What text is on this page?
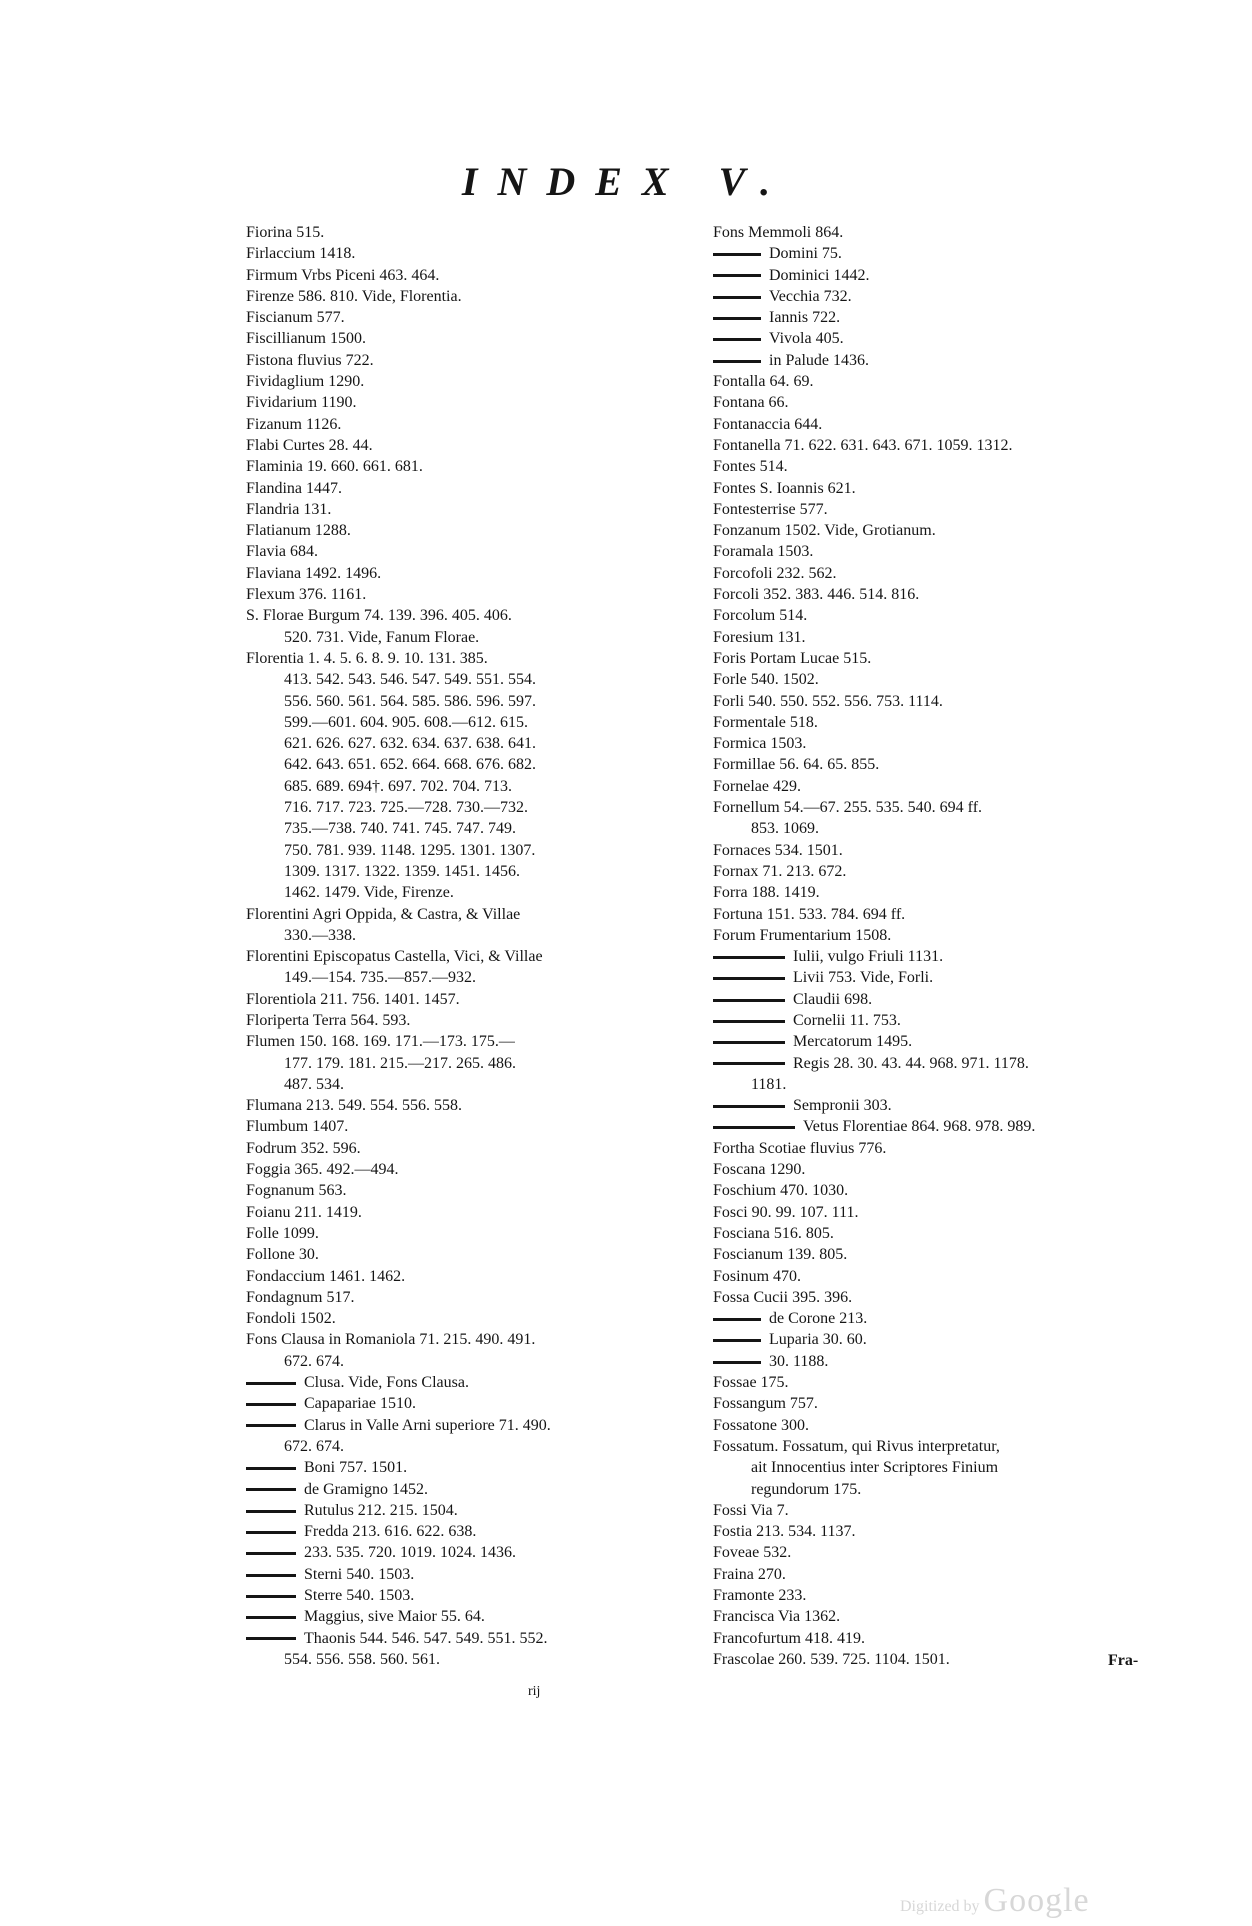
INDEX V.
Fiorina 515.
Firlaccium 1418.
Firmum Vrbs Piceni 463. 464.
Firenze 586. 810. Vide, Florentia.
Fiscianum 577.
Fiscillianum 1500.
Fistona fluvius 722.
Fividaglium 1290.
Fividarium 1190.
Fizanum 1126.
Flabi Curtes 28. 44.
Flaminia 19. 660. 661. 681.
Flandina 1447.
Flandria 131.
Flatianum 1288.
Flavia 684.
Flaviana 1492. 1496.
Flexum 376. 1161.
S. Florae Burgum 74. 139. 396. 405. 406.
520. 731. Vide, Fanum Florae.
Florentia 1. 4. 5. 6. 8. 9. 10. 131. 385.
413. 542. 543. 546. 547. 549. 551. 554.
556. 560. 561. 564. 585. 586. 596. 597.
599.—601. 604. 905. 608.—612. 615.
621. 626. 627. 632. 634. 637. 638. 641.
642. 643. 651. 652. 664. 668. 676. 682.
685. 689. 694†. 697. 702. 704. 713.
716. 717. 723. 725.—728. 730.—732.
735.—738. 740. 741. 745. 747. 749.
750. 781. 939. 1148. 1295. 1301. 1307.
1309. 1317. 1322. 1359. 1451. 1456.
1462. 1479. Vide, Firenze.
Florentini Agri Oppida, & Castra, & Villae
330.—338.
Florentini Episcopatus Castella, Vici, & Villae
149.—154. 735.—857.—932.
Florentiola 211. 756. 1401. 1457.
Floriperta Terra 564. 593.
Flumen 150. 168. 169. 171.—173. 175.—
177. 179. 181. 215.—217. 265. 486.
487. 534.
Flumana 213. 549. 554. 556. 558.
Flumbum 1407.
Fodrum 352. 596.
Foggia 365. 492.—494.
Fognanum 563.
Foianu 211. 1419.
Folle 1099.
Follone 30.
Fondaccium 1461. 1462.
Fondagnum 517.
Fondoli 1502.
Fons Clausa in Romaniola 71. 215. 490. 491.
672. 674.
Clusa. Vide, Fons Clausa.
Capapariae 1510.
Clarus in Valle Arni superiore 71. 490.
672. 674.
Boni 757. 1501.
de Gramigno 1452.
Rutulus 212. 215. 1504.
Fredda 213. 616. 622. 638.
233. 535. 720. 1019. 1024. 1436.
Sterni 540. 1503.
Sterre 540. 1503.
Maggius, sive Maior 55. 64.
Thaonis 544. 546. 547. 549. 551. 552.
554. 556. 558. 560. 561.
Fons Memmoli 864.
Domini 75.
Dominici 1442.
Vecchia 732.
Iannis 722.
Vivola 405.
in Palude 1436.
Fontalla 64. 69.
Fontana 66.
Fontanaccia 644.
Fontanella 71. 622. 631. 643. 671. 1059. 1312.
Fontes 514.
Fontes S. Ioannis 621.
Fontesterrise 577.
Fonzanum 1502. Vide, Grotianum.
Foramala 1503.
Forcofoli 232. 562.
Forcoli 352. 383. 446. 514. 816.
Forcolum 514.
Foresium 131.
Foris Portam Lucae 515.
Forle 540. 1502.
Forli 540. 550. 552. 556. 753. 1114.
Formentale 518.
Formica 1503.
Formillae 56. 64. 65. 855.
Fornelae 429.
Fornellum 54.—67. 255. 535. 540. 694 ff.
853. 1069.
Fornaces 534. 1501.
Fornax 71. 213. 672.
Forra 188. 1419.
Fortuna 151. 533. 784. 694 ff.
Forum Frumentarium 1508.
Iulii, vulgo Friuli 1131.
Livii 753. Vide, Forli.
Claudii 698.
Cornelii 11. 753.
Mercatorum 1495.
Regis 28. 30. 43. 44. 968. 971. 1178.
1181.
Sempronii 303.
Vetus Florentiae 864. 968. 978. 989.
Fortha Scotiae fluvius 776.
Foscana 1290.
Foschium 470. 1030.
Fosci 90. 99. 107. 111.
Fosciana 516. 805.
Foscianum 139. 805.
Fosinum 470.
Fossa Cucii 395. 396.
de Corone 213.
Luparia 30. 60.
30. 1188.
Fossae 175.
Fossangum 757.
Fossatone 300.
Fossatum. Fossatum, qui Rivus interpretatur,
ait Innocentius inter Scriptores Finium
regundorum 175.
Fossi Via 7.
Fostia 213. 534. 1137.
Foveae 532.
Fraina 270.
Framonte 233.
Francisca Via 1362.
Francofurtum 418. 419.
Frascolae 260. 539. 725. 1104. 1501.	Fra-
rij
Digitized by Google
